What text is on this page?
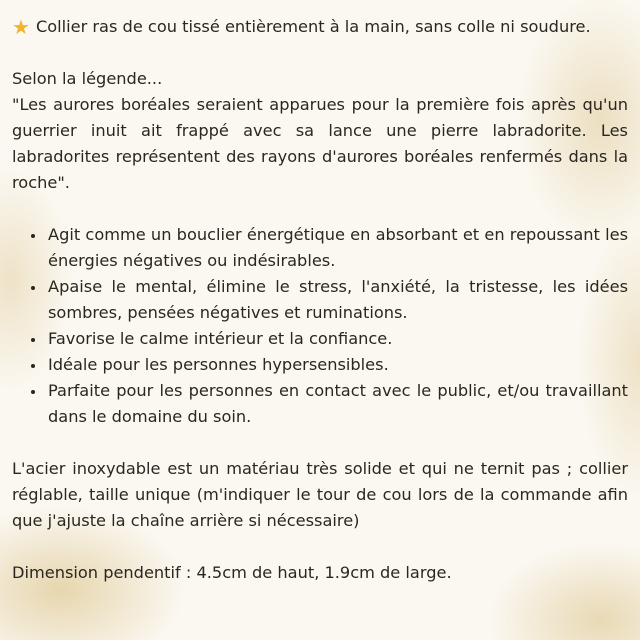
★ Collier ras de cou tissé entièrement à la main, sans colle ni soudure.

Selon la légende...

"Les aurores boréales seraient apparues pour la première fois après qu'un guerrier inuit ait frappé avec sa lance une pierre labradorite. Les labradorites représentent des rayons d'aurores boréales renfermés dans la roche".

• Agit comme un bouclier énergétique en absorbant et en repoussant les énergies négatives ou indésirables.
• Apaise le mental, élimine le stress, l'anxiété, la tristesse, les idées sombres, pensées négatives et ruminations.
• Favorise le calme intérieur et la confiance.
• Idéale pour les personnes hypersensibles.
• Parfaite pour les personnes en contact avec le public, et/ou travaillant dans le domaine du soin.

L'acier inoxydable est un matériau très solide et qui ne ternit pas ; collier réglable, taille unique (m'indiquer le tour de cou lors de la commande afin que j'ajuste la chaîne arrière si nécessaire)

Dimension pendentif : 4.5cm de haut, 1.9cm de large.
